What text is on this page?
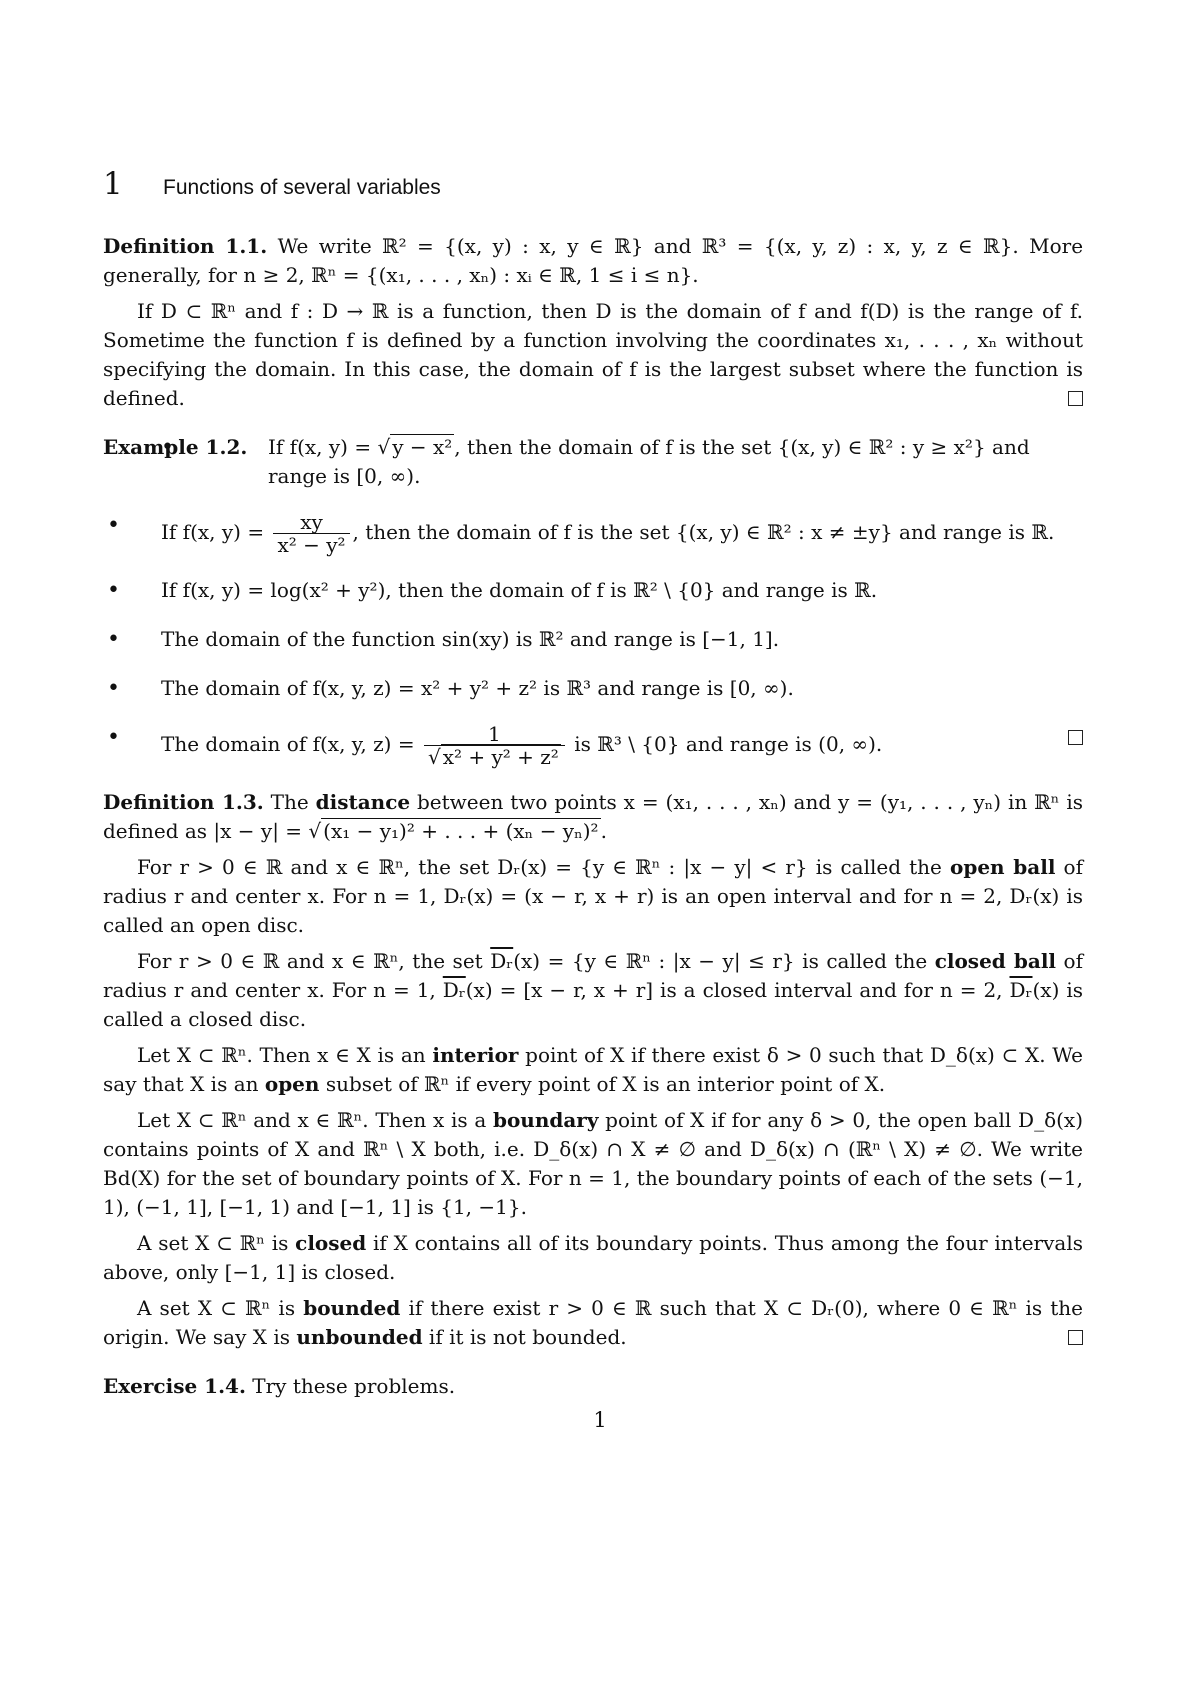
1	Functions of several variables

Definition 1.1. We write ℝ² = {(x, y) : x, y ∈ ℝ} and ℝ³ = {(x, y, z) : x, y, z ∈ ℝ}. More generally, for n ≥ 2, ℝⁿ = {(x₁, . . . , xₙ) : xᵢ ∈ ℝ, 1 ≤ i ≤ n}.

If D ⊂ ℝⁿ and f : D → ℝ is a function, then D is the domain of f and f(D) is the range of f. Sometime the function f is defined by a function involving the coordinates x₁, . . . , xₙ without specifying the domain. In this case, the domain of f is the largest subset where the function is defined.

Example 1.2.	• If f(x, y) = √ y − x² , then the domain of f is the set {(x, y) ∈ ℝ² : y ≥ x²} and range is [0, ∞).
• If f(x, $y) = \frac{xy}{\text{x² − y²}}$ , then the domain of f is the set {(x, y) ∈ ℝ² : x ≠ ±y} and range is ℝ.
• If f(x, y) = log(x² + y²), then the domain of f is ℝ² \ {0} and range is ℝ.
• The domain of the function sin(xy) is ℝ² and range is [−1, 1].
• The domain of f(x, y, z) = x² + y² + z² is ℝ³ and range is [0, ∞).
• The domain of f(x, y, $z) = \frac{1}{\text{√ x² + y² + z²}}$ is ℝ³ \ {0} and range is (0, ∞).

Definition 1.3. The distance between two points x = (x₁, . . . , xₙ) and y = (y₁, . . . , yₙ) in ℝⁿ is defined as |x − y| = √ (x₁ − y₁)² + . . . + (xₙ − yₙ)² .

For r > 0 ∈ ℝ and x ∈ ℝⁿ, the set Dᵣ(x) = {y ∈ ℝⁿ : |x − y| < r} is called the open ball of radius r and center x. For n = 1, Dᵣ(x) = (x − r, x + r) is an open interval and for n = 2, Dᵣ(x) is called an open disc.

For r > 0 ∈ ℝ and x ∈ ℝⁿ, the set $\overline{Dᵣ}(x) = \{y$ ∈ ℝⁿ : |x − y| ≤ r} is called the closed ball of radius r and center x. For n = 1, $\overline{Dᵣ}(x) = [x - r$, x + r] is a closed interval and for n = 2, $\overline{Dᵣ}(x)$ is called a closed disc.

Let X ⊂ ℝⁿ. Then x ∈ X is an interior point of X if there exist δ > 0 such that D_δ(x) ⊂ X. We say that X is an open subset of ℝⁿ if every point of X is an interior point of X.

Let X ⊂ ℝⁿ and x ∈ ℝⁿ. Then x is a boundary point of X if for any δ > 0, the open ball D_δ(x) contains points of X and ℝⁿ \ X both, i.e. D_δ(x) ∩ X ≠ ∅ and D_δ(x) ∩ (ℝⁿ \ X) ≠ ∅. We write Bd(X) for the set of boundary points of X. For n = 1, the boundary points of each of the sets (−1, 1), (−1, 1], [−1, 1) and [−1, 1] is {1, −1}.

A set X ⊂ ℝⁿ is closed if X contains all of its boundary points. Thus among the four intervals above, only [−1, 1] is closed.

A set X ⊂ ℝⁿ is bounded if there exist r > 0 ∈ ℝ such that X ⊂ Dᵣ(0), where 0 ∈ ℝⁿ is the origin. We say X is unbounded if it is not bounded.

Exercise 1.4. Try these problems.

1
